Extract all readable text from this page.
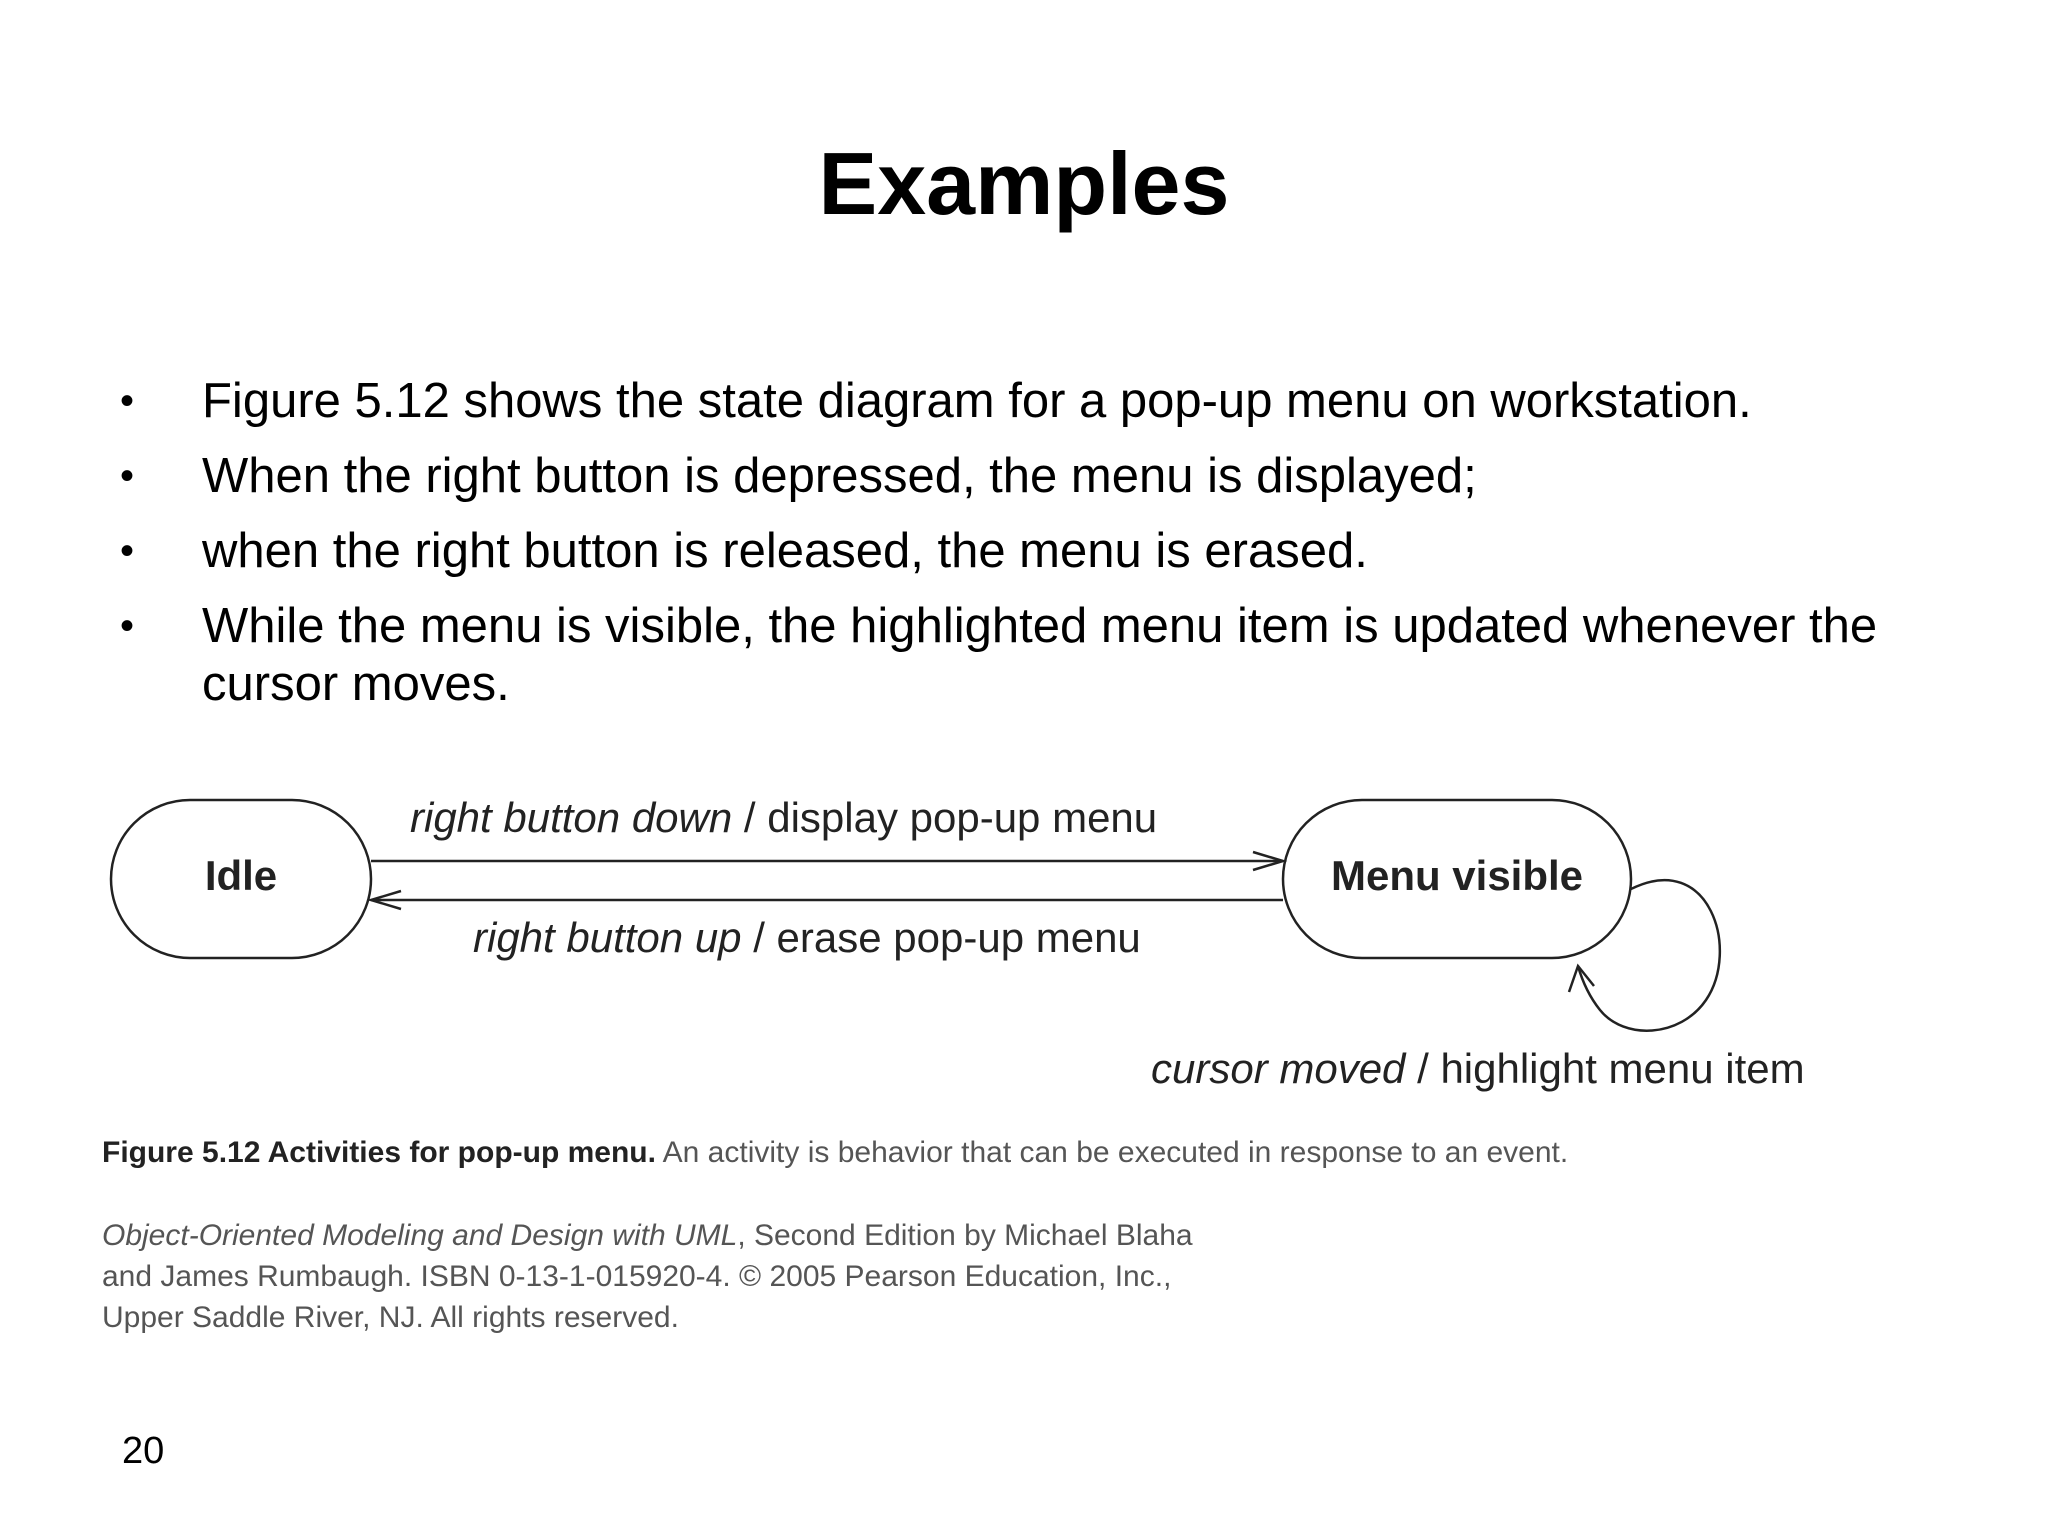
Examples
• Figure 5.12 shows the state diagram for a pop-up menu on workstation.
• When the right button is depressed, the menu is displayed;
• when the right button is released, the menu is erased.
• While the menu is visible, the highlighted menu item is updated whenever the cursor moves.
Idle	Menu visible
right button down / display pop-up menu
right button up / erase pop-up menu
cursor moved / highlight menu item
Figure 5.12 Activities for pop-up menu. An activity is behavior that can be executed in response to an event.
Object-Oriented Modeling and Design with UML, Second Edition by Michael Blaha
and James Rumbaugh. ISBN 0-13-1-015920-4. © 2005 Pearson Education, Inc.,
Upper Saddle River, NJ. All rights reserved.
20
